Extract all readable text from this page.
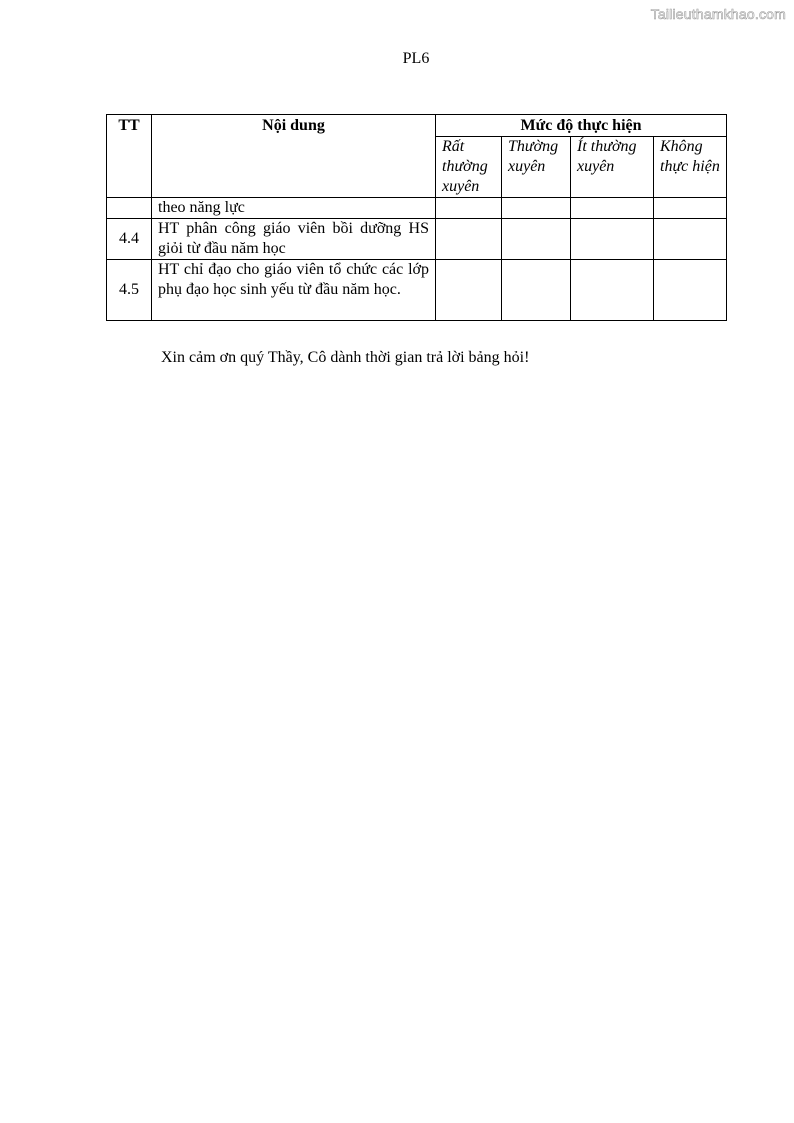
Tailieuthamkhao.com
PL6
TT	Nội dung	Mức độ thực hiện			
		Rất thường xuyên	Thường xuyên	Ít thường xuyên	Không thực hiện
	theo năng lực				
4.4	HT phân công giáo viên bồi dưỡng HS giỏi từ đầu năm học				
4.5	HT chỉ đạo cho giáo viên tổ chức các lớp phụ đạo học sinh yếu từ đầu năm học.				
Xin cảm ơn quý Thầy, Cô dành thời gian trả lời bảng hỏi!
